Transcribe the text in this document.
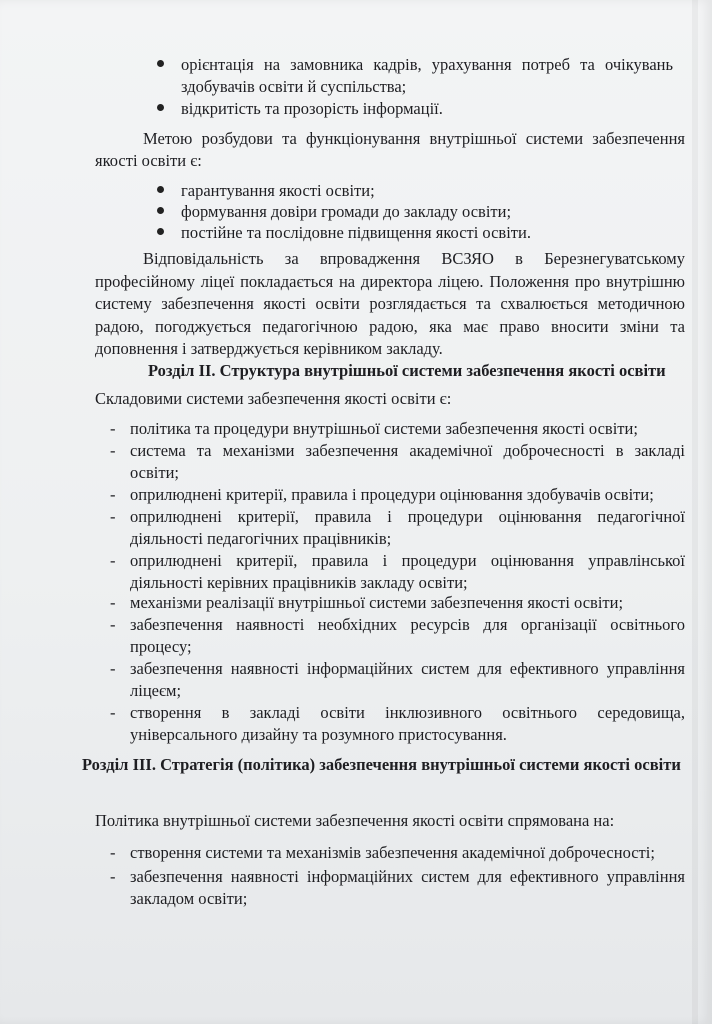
орієнтація на замовника кадрів, урахування потреб та очікувань здобувачів освіти й суспільства;
відкритість та прозорість інформації.
Метою розбудови та функціонування внутрішньої системи забезпечення якості освіти є:
гарантування якості освіти;
формування довіри громади до закладу освіти;
постійне та послідовне підвищення якості освіти.
Відповідальність за впровадження ВСЗЯО в Березнегуватському професійному ліцеї покладається на директора ліцею. Положення про внутрішню систему забезпечення якості освіти розглядається та схвалюється методичною радою, погоджується педагогічною радою, яка має право вносити зміни та доповнення і затверджується керівником закладу.
Розділ ІІ. Структура внутрішньої системи забезпечення якості освіти
Складовими системи забезпечення якості освіти є:
- політика та процедури внутрішньої системи забезпечення якості освіти;
- система та механізми забезпечення академічної доброчесності в закладі освіти;
- оприлюднені критерії, правила і процедури оцінювання здобувачів освіти;
- оприлюднені критерії, правила і процедури оцінювання педагогічної діяльності педагогічних працівників;
- оприлюднені критерії, правила і процедури оцінювання управлінської діяльності керівних працівників закладу освіти;
- механізми реалізації внутрішньої системи забезпечення якості освіти;
- забезпечення наявності необхідних ресурсів для організації освітнього процесу;
- забезпечення наявності інформаційних систем для ефективного управління ліцеєм;
- створення в закладі освіти інклюзивного освітнього середовища, універсального дизайну та розумного пристосування.
Розділ ІІІ. Стратегія (політика) забезпечення внутрішньої системи якості освіти
Політика внутрішньої системи забезпечення якості освіти спрямована на:
- створення системи та механізмів забезпечення академічної доброчесності;
- забезпечення наявності інформаційних систем для ефективного управління закладом освіти;
